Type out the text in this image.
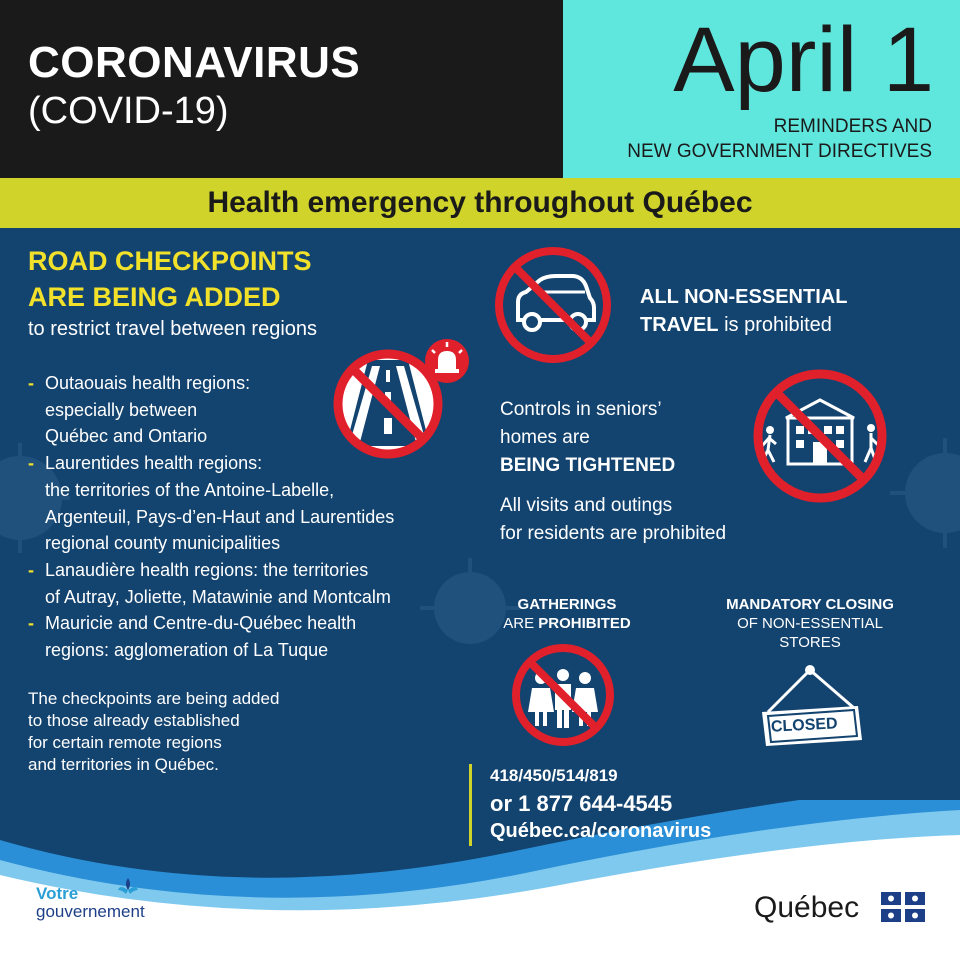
CORONAVIRUS
(COVID-19)	April 1
REMINDERS AND
NEW GOVERNMENT DIRECTIVES
Health emergency throughout Québec
ROAD CHECKPOINTS
ARE BEING ADDED
to restrict travel between regions
- Outaouais health regions:
especially between
Québec and Ontario
- Laurentides health regions:
the territories of the Antoine-Labelle,
Argenteuil, Pays-d’en-Haut and Laurentides
regional county municipalities
- Lanaudière health regions: the territories
of Autray, Joliette, Matawinie and Montcalm
- Mauricie and Centre-du-Québec health
regions: agglomeration of La Tuque
The checkpoints are being added
to those already established
for certain remote regions
and territories in Québec.
ALL NON-ESSENTIAL
TRAVEL is prohibited
Controls in seniors’
homes are
BEING TIGHTENED
All visits and outings
for residents are prohibited
GATHERINGS
ARE PROHIBITED
MANDATORY CLOSING
OF NON-ESSENTIAL
STORES
CLOSED
418/450/514/819
or 1 877 644-4545
Québec.ca/coronavirus
Votre
gouvernement	Québec
